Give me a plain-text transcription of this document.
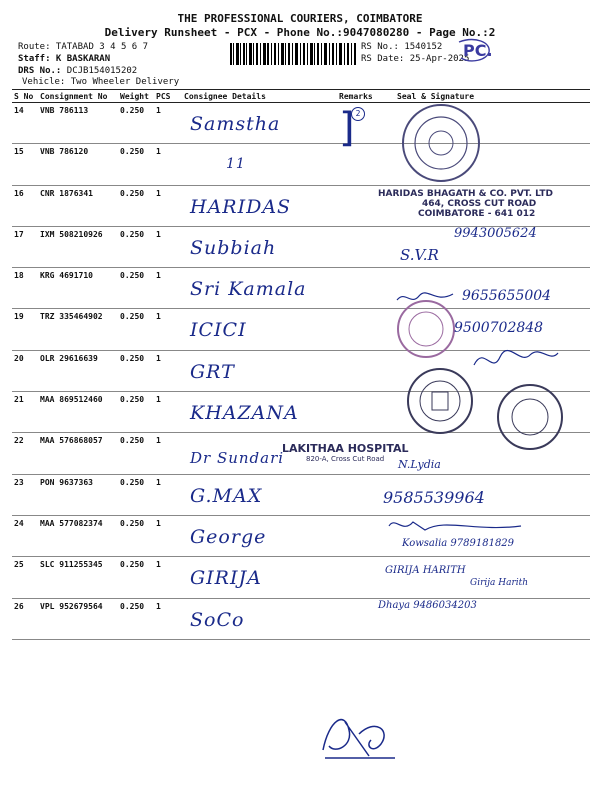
THE PROFESSIONAL COURIERS, COIMBATORE
Delivery Runsheet - PCX - Phone No.:9047080280 - Page No.:2
Route: TATABAD 3 4 5 6 7
Staff: K BASKARAN
DRS No.: DCJB154015202
Vehicle: Two Wheeler Delivery
RS No.: 1540152
RS Date: 25-Apr-2025
PC.
S No	Consignment No	Weight	PCS	Consignee Details	Remarks	Seal & Signature
14	VNB 786113	0.250	1	Samstha	] 2	

15	VNB 786120	0.250	1	11		

16	CNR 1876341	0.250	1	HARIDAS		

17	IXM 508210926	0.250	1	Subbiah		

18	KRG 4691710	0.250	1	Sri Kamala		

19	TRZ 335464902	0.250	1	ICICI		

20	OLR 29616639	0.250	1	GRT		

21	MAA 869512460	0.250	1	KHAZANA		

22	MAA 576868057	0.250	1	Dr Sundari		

23	PON 9637363	0.250	1	G.MAX		

24	MAA 577082374	0.250	1	George		

25	SLC 911255345	0.250	1	GIRIJA		

26	VPL 952679564	0.250	1	SoCo		

HARIDAS BHAGATH & CO. PVT. LTD
464, CROSS CUT ROAD
COIMBATORE - 641 012
LAKITHAA HOSPITAL
820-A, Cross Cut Road
9943005624
S.V.R
9655655004
9500702848
N.Lydia
9585539964
Kowsalia 9789181829
GIRIJA HARITH
Girija Harith
Dhaya 9486034203
